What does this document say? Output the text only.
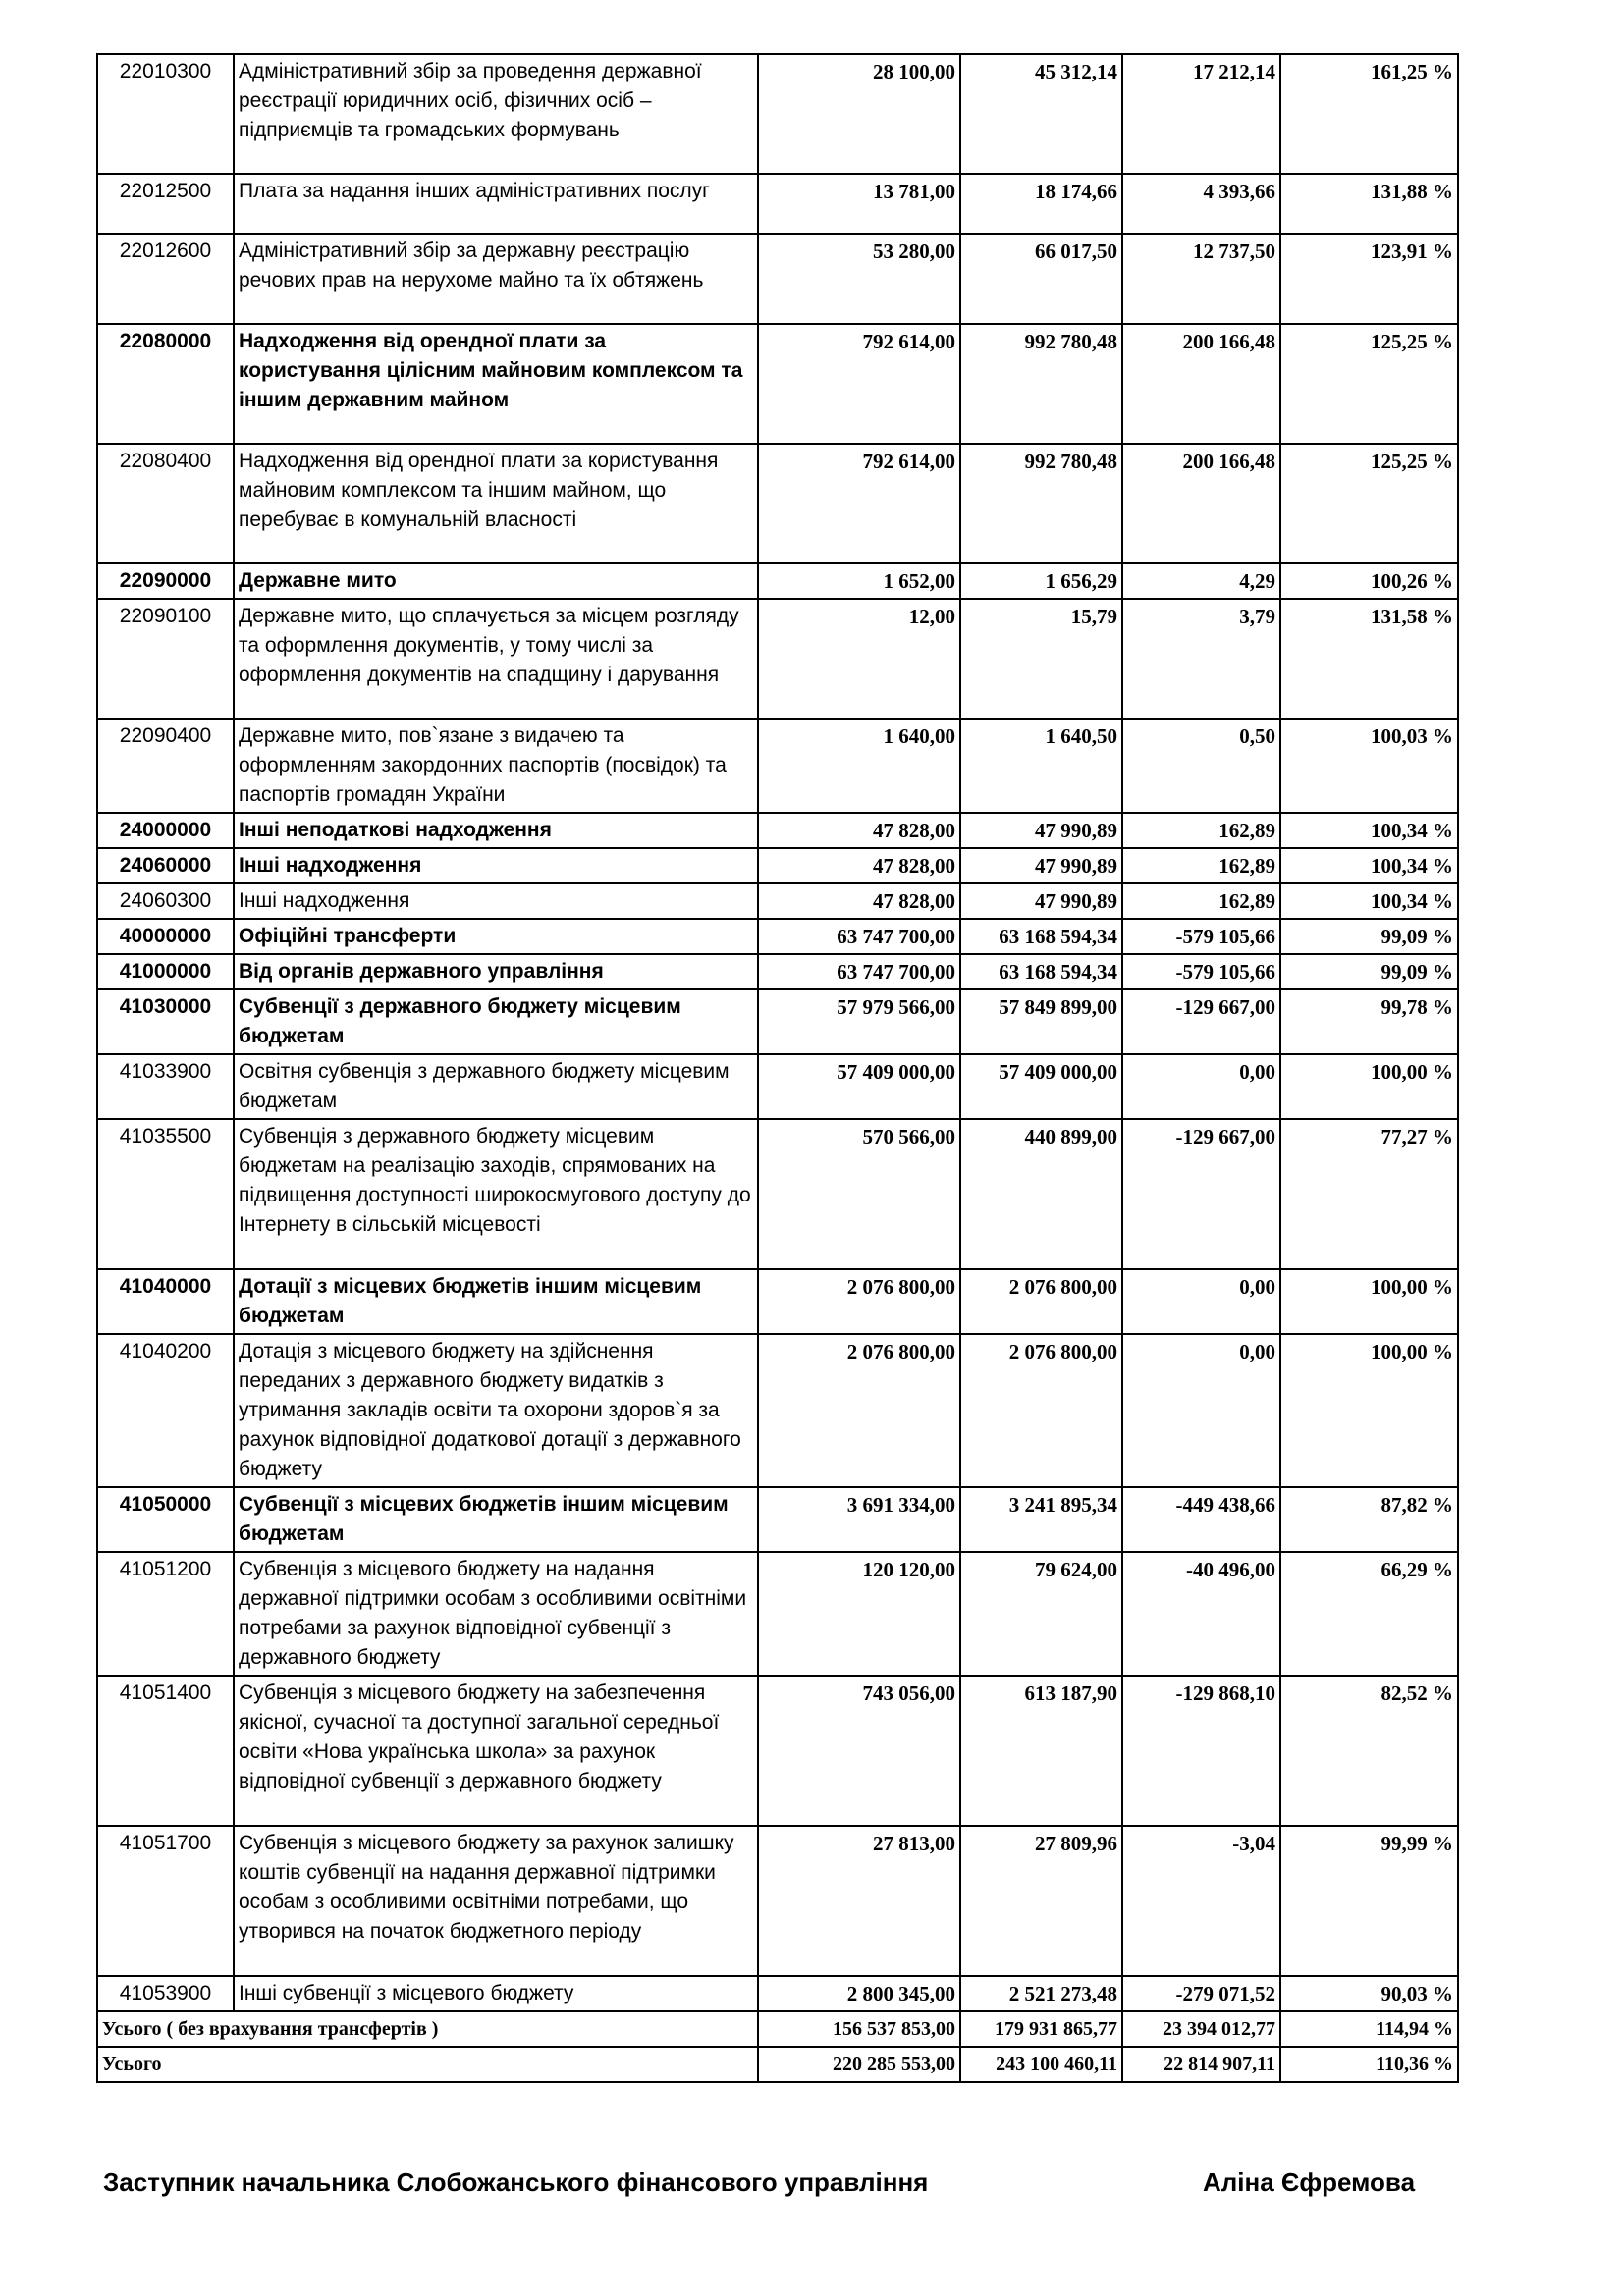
22010300	Адміністративний збір за проведення державної реєстрації юридичних осіб, фізичних осіб – підприємців та громадських формувань	28 100,00	45 312,14	17 212,14	161,25 %
22012500	Плата за надання інших адміністративних послуг	13 781,00	18 174,66	4 393,66	131,88 %
22012600	Адміністративний збір за державну реєстрацію речових прав на нерухоме майно та їх обтяжень	53 280,00	66 017,50	12 737,50	123,91 %
22080000	Надходження від орендної плати за користування цілісним майновим комплексом та іншим державним майном	792 614,00	992 780,48	200 166,48	125,25 %
22080400	Надходження від орендної плати за користування майновим комплексом та іншим майном, що перебуває в комунальній власності	792 614,00	992 780,48	200 166,48	125,25 %
22090000	Державне мито	1 652,00	1 656,29	4,29	100,26 %
22090100	Державне мито, що сплачується за місцем розгляду та оформлення документів, у тому числі за оформлення документів на спадщину і дарування	12,00	15,79	3,79	131,58 %
22090400	Державне мито, пов`язане з видачею та оформленням закордонних паспортів (посвідок) та паспортів громадян України	1 640,00	1 640,50	0,50	100,03 %
24000000	Інші неподаткові надходження	47 828,00	47 990,89	162,89	100,34 %
24060000	Інші надходження	47 828,00	47 990,89	162,89	100,34 %
24060300	Інші надходження	47 828,00	47 990,89	162,89	100,34 %
40000000	Офіційні трансферти	63 747 700,00	63 168 594,34	-579 105,66	99,09 %
41000000	Від органів державного управління	63 747 700,00	63 168 594,34	-579 105,66	99,09 %
41030000	Субвенції з державного бюджету місцевим бюджетам	57 979 566,00	57 849 899,00	-129 667,00	99,78 %
41033900	Освітня субвенція з державного бюджету місцевим бюджетам	57 409 000,00	57 409 000,00	0,00	100,00 %
41035500	Субвенція з державного бюджету місцевим бюджетам на реалізацію заходів, спрямованих на підвищення доступності широкосмугового доступу до Інтернету в сільській місцевості	570 566,00	440 899,00	-129 667,00	77,27 %
41040000	Дотації з місцевих бюджетів іншим місцевим бюджетам	2 076 800,00	2 076 800,00	0,00	100,00 %
41040200	Дотація з місцевого бюджету на здійснення переданих з державного бюджету видатків з утримання закладів освіти та охорони здоров`я за рахунок відповідної додаткової дотації з державного бюджету	2 076 800,00	2 076 800,00	0,00	100,00 %
41050000	Субвенції з місцевих бюджетів іншим місцевим бюджетам	3 691 334,00	3 241 895,34	-449 438,66	87,82 %
41051200	Субвенція з місцевого бюджету на надання державної підтримки особам з особливими освітніми потребами за рахунок відповідної субвенції з державного бюджету	120 120,00	79 624,00	-40 496,00	66,29 %
41051400	Субвенція з місцевого бюджету на забезпечення якісної, сучасної та доступної загальної середньої освіти «Нова українська школа» за рахунок відповідної субвенції з державного бюджету	743 056,00	613 187,90	-129 868,10	82,52 %
41051700	Субвенція з місцевого бюджету за рахунок залишку коштів субвенції на надання державної підтримки особам з особливими освітніми потребами, що утворився на початок бюджетного періоду	27 813,00	27 809,96	-3,04	99,99 %
41053900	Інші субвенції з місцевого бюджету	2 800 345,00	2 521 273,48	-279 071,52	90,03 %
Усього ( без врахування трансфертів )		156 537 853,00	179 931 865,77	23 394 012,77	114,94 %
Усього		220 285 553,00	243 100 460,11	22 814 907,11	110,36 %
Заступник начальника Слобожанського фінансового управління	Аліна Єфремова
